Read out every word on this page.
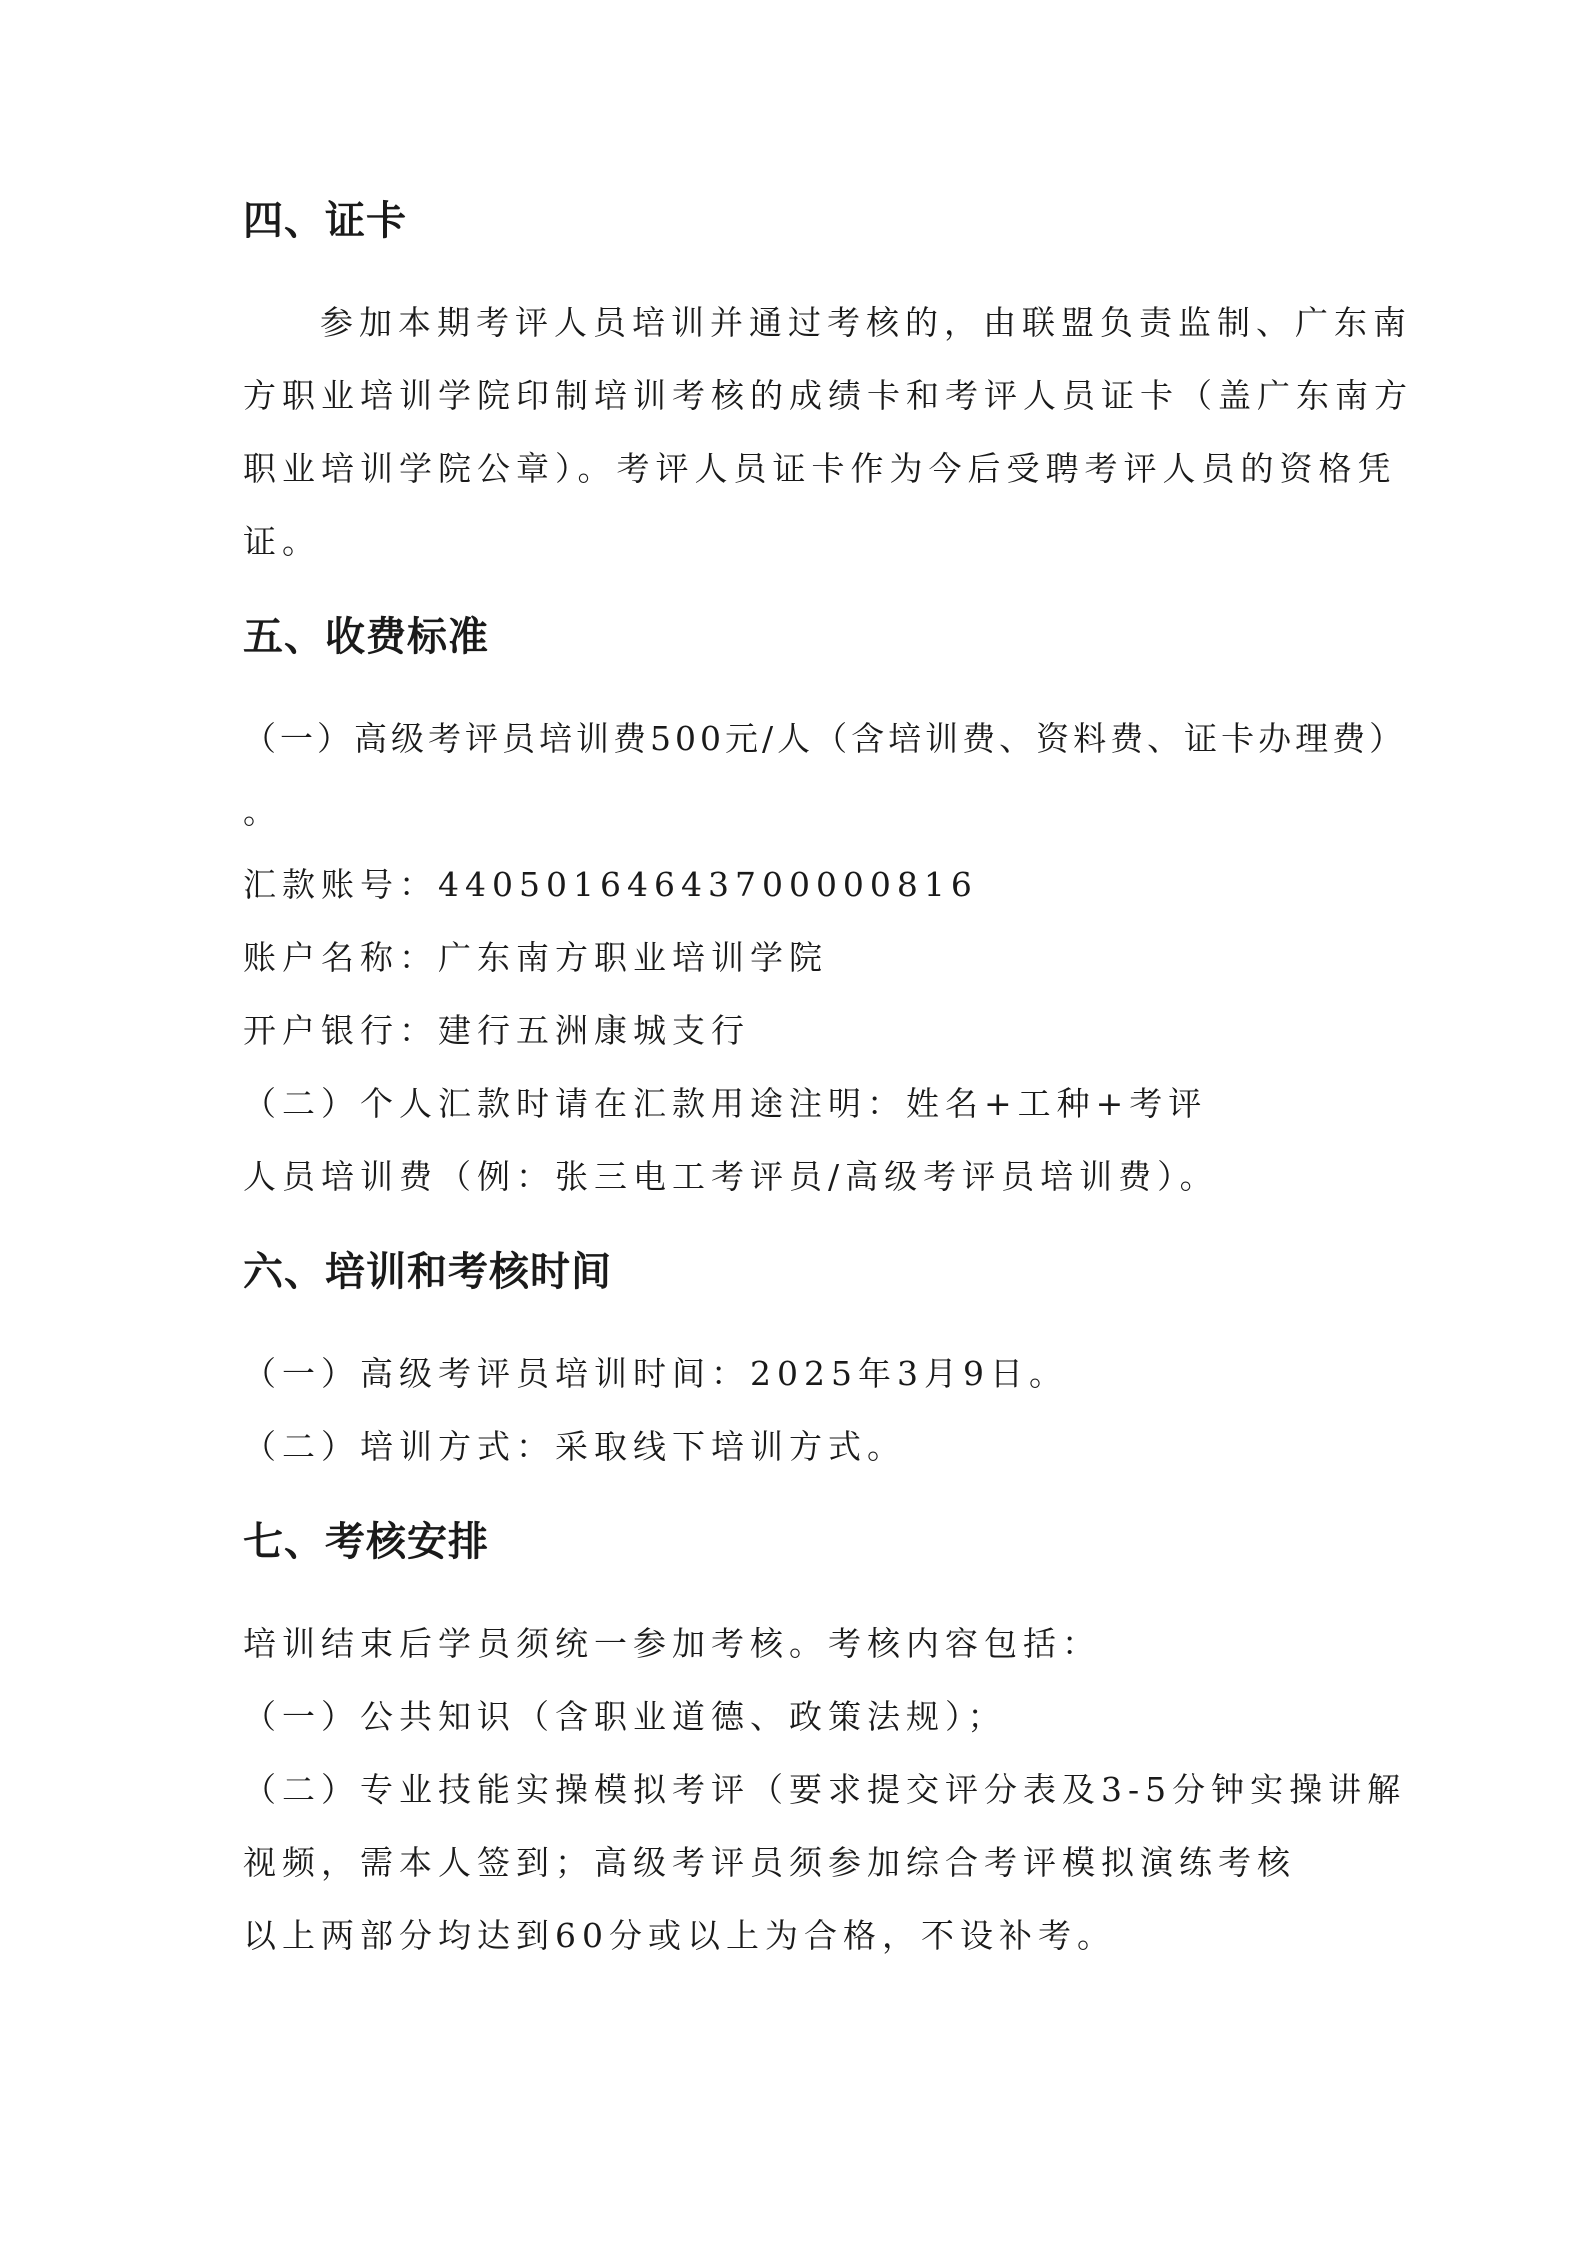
四、证卡
参加本期考评人员培训并通过考核的，由联盟负责监制、广东南
方职业培训学院印制培训考核的成绩卡和考评人员证卡（盖广东南方
职业培训学院公章）。考评人员证卡作为今后受聘考评人员的资格凭
证。
五、收费标准
（一）高级考评员培训费500元/人（含培训费、资料费、证卡办理费）
。
汇款账号：44050164643700000816
账户名称：广东南方职业培训学院
开户银行：建行五洲康城支行
（二）个人汇款时请在汇款用途注明：姓名+工种+考评
人员培训费（例：张三电工考评员/高级考评员培训费）。
六、培训和考核时间
（一）高级考评员培训时间：2025年3月9日。
（二）培训方式：采取线下培训方式。
七、考核安排
培训结束后学员须统一参加考核。考核内容包括：
（一）公共知识（含职业道德、政策法规）；
（二）专业技能实操模拟考评（要求提交评分表及3-5分钟实操讲解
视频，需本人签到；高级考评员须参加综合考评模拟演练考核
以上两部分均达到60分或以上为合格，不设补考。
